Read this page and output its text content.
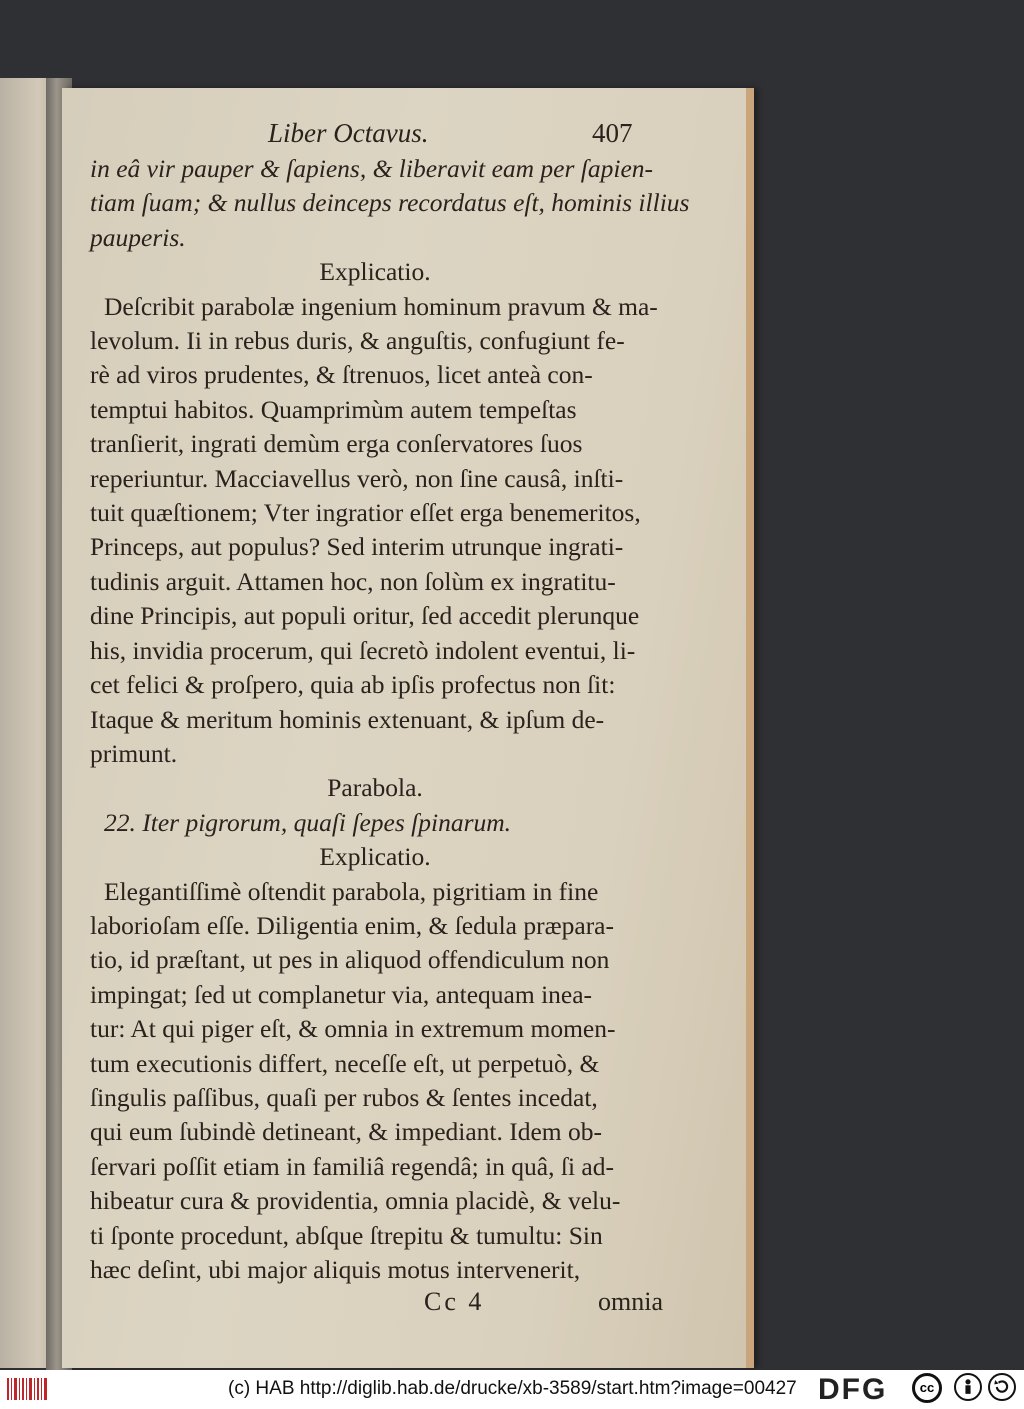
Liber Octavus.	407
in eâ vir pauper & ſapiens, & liberavit eam per ſapien-
tiam ſuam; & nullus deinceps recordatus eſt, hominis illius
pauperis.
Explicatio.
Deſcribit parabolæ ingenium hominum pravum & ma-
levolum. Ii in rebus duris, & anguſtis, confugiunt fe-
rè ad viros prudentes, & ſtrenuos, licet anteà con-
temptui habitos. Quamprimùm autem tempeſtas
tranſierit, ingrati demùm erga conſervatores ſuos
reperiuntur. Macciavellus verò, non ſine causâ, inſti-
tuit quæſtionem; Vter ingratior eſſet erga benemeritos,
Princeps, aut populus? Sed interim utrunque ingrati-
tudinis arguit. Attamen hoc, non ſolùm ex ingratitu-
dine Principis, aut populi oritur, ſed accedit plerunque
his, invidia procerum, qui ſecretò indolent eventui, li-
cet felici & proſpero, quia ab ipſis profectus non ſit:
Itaque & meritum hominis extenuant, & ipſum de-
primunt.
Parabola.
22. Iter pigrorum, quaſi ſepes ſpinarum.
Explicatio.
Elegantiſſimè oſtendit parabola, pigritiam in fine
laborioſam eſſe. Diligentia enim, & ſedula præpara-
tio, id præſtant, ut pes in aliquod offendiculum non
impingat; ſed ut complanetur via, antequam inea-
tur: At qui piger eſt, & omnia in extremum momen-
tum executionis differt, neceſſe eſt, ut perpetuò, &
ſingulis paſſibus, quaſi per rubos & ſentes incedat,
qui eum ſubindè detineant, & impediant. Idem ob-
ſervari poſſit etiam in familiâ regendâ; in quâ, ſi ad-
hibeatur cura & providentia, omnia placidè, & velu-
ti ſponte procedunt, abſque ſtrepitu & tumultu: Sin
hæc deſint, ubi major aliquis motus intervenerit,
Cc 4	omnia
(c) HAB http://diglib.hab.de/drucke/xb-3589/start.htm?image=00427 DFG	cc
